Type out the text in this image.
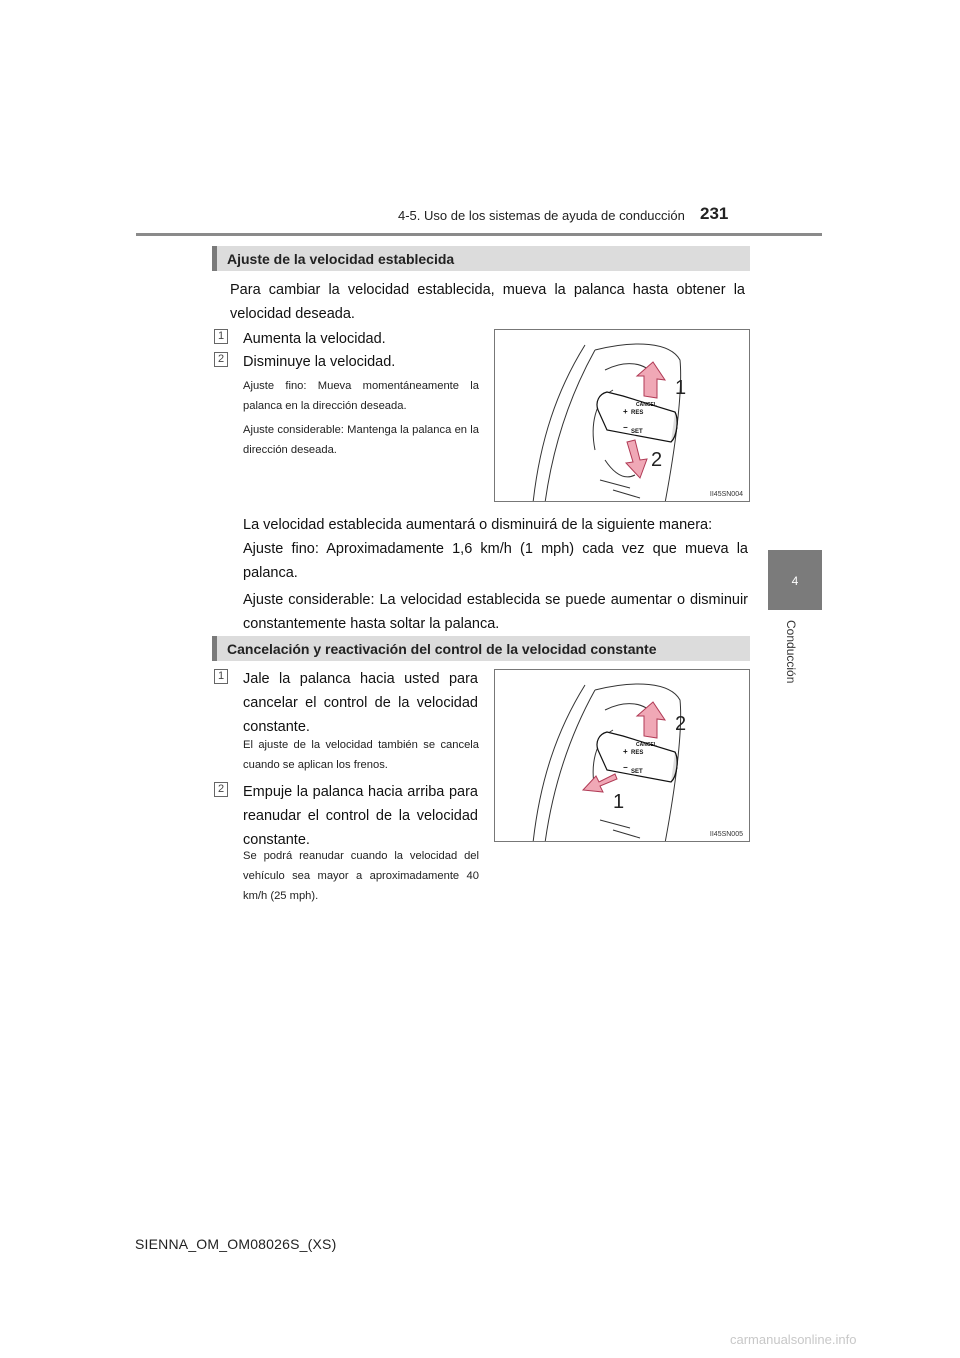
4-5. Uso de los sistemas de ayuda de conducción 231
4
Conducción
Ajuste de la velocidad establecida
Para cambiar la velocidad establecida, mueva la palanca hasta obtener la velocidad deseada.
1 Aumenta la velocidad.
2 Disminuye la velocidad.
Ajuste fino: Mueva momentáneamente la palanca en la dirección deseada.
Ajuste considerable: Mantenga la palanca en la dirección deseada.
CANCEL
+ RES
SET
−
1
2
II45SN004
La velocidad establecida aumentará o disminuirá de la siguiente manera:
Ajuste fino: Aproximadamente 1,6 km/h (1 mph) cada vez que mueva la palanca.
Ajuste considerable: La velocidad establecida se puede aumentar o disminuir constantemente hasta soltar la palanca.
Cancelación y reactivación del control de la velocidad constante
1 Jale la palanca hacia usted para cancelar el control de la velocidad constante.
El ajuste de la velocidad también se cancela cuando se aplican los frenos.
2 Empuje la palanca hacia arriba para reanudar el control de la velocidad constante.
Se podrá reanudar cuando la velocidad del vehículo sea mayor a aproximadamente 40 km/h (25 mph).
CANCEL
+ RES
SET
−
2
1
II45SN005
SIENNA_OM_OM08026S_(XS)
carmanualsonline.info
